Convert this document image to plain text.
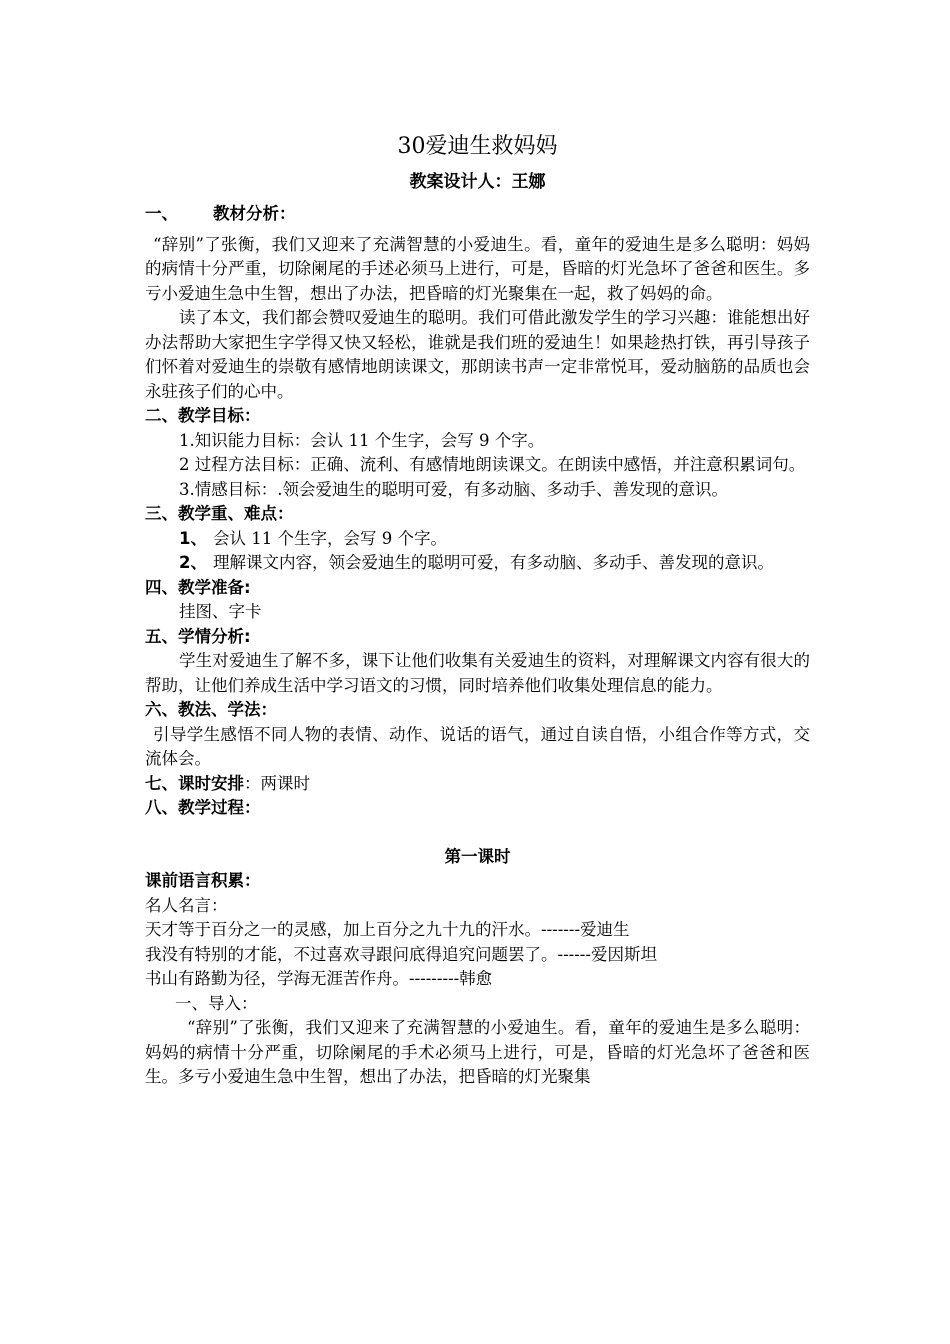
30爱迪生救妈妈
教案设计人：王娜
一、 教材分析：

“辞别”了张衡，我们又迎来了充满智慧的小爱迪生。看，童年的爱迪生是多么聪明：妈妈的病情十分严重，切除阑尾的手述必须马上进行，可是，昏暗的灯光急坏了爸爸和医生。多亏小爱迪生急中生智，想出了办法，把昏暗的灯光聚集在一起，救了妈妈的命。

读了本文，我们都会赞叹爱迪生的聪明。我们可借此激发学生的学习兴趣：谁能想出好办法帮助大家把生字学得又快又轻松，谁就是我们班的爱迪生！如果趁热打铁，再引导孩子们怀着对爱迪生的崇敬有感情地朗读课文，那朗读书声一定非常悦耳，爱动脑筋的品质也会永驻孩子们的心中。

二、教学目标：

1.知识能力目标：会认 11 个生字，会写 9 个字。

2 过程方法目标：正确、流利、有感情地朗读课文。在朗读中感悟，并注意积累词句。

3.情感目标：.领会爱迪生的聪明可爱，有多动脑、多动手、善发现的意识。

三、教学重、难点：
1、 会认 11 个生字，会写 9 个字。
2、 理解课文内容，领会爱迪生的聪明可爱，有多动脑、多动手、善发现的意识。
四、教学准备:

挂图、字卡

五、学情分析:

学生对爱迪生了解不多，课下让他们收集有关爱迪生的资料，对理解课文内容有很大的帮助，让他们养成生活中学习语文的习惯，同时培养他们收集处理信息的能力。

六、教法、学法：

引导学生感悟不同人物的表情、动作、说话的语气，通过自读自悟，小组合作等方式，交流体会。

七、课时安排：两课时
八、教学过程：
第一课时
课前语言积累：

名人名言：

天才等于百分之一的灵感，加上百分之九十九的汗水。-------爱迪生

我没有特别的才能，不过喜欢寻跟问底得追究问题罢了。------爱因斯坦

书山有路勤为径，学海无涯苦作舟。---------韩愈

一、导入：

“辞别”了张衡，我们又迎来了充满智慧的小爱迪生。看，童年的爱迪生是多么聪明：妈妈的病情十分严重，切除阑尾的手术必须马上进行，可是，昏暗的灯光急坏了爸爸和医生。多亏小爱迪生急中生智，想出了办法，把昏暗的灯光聚集
